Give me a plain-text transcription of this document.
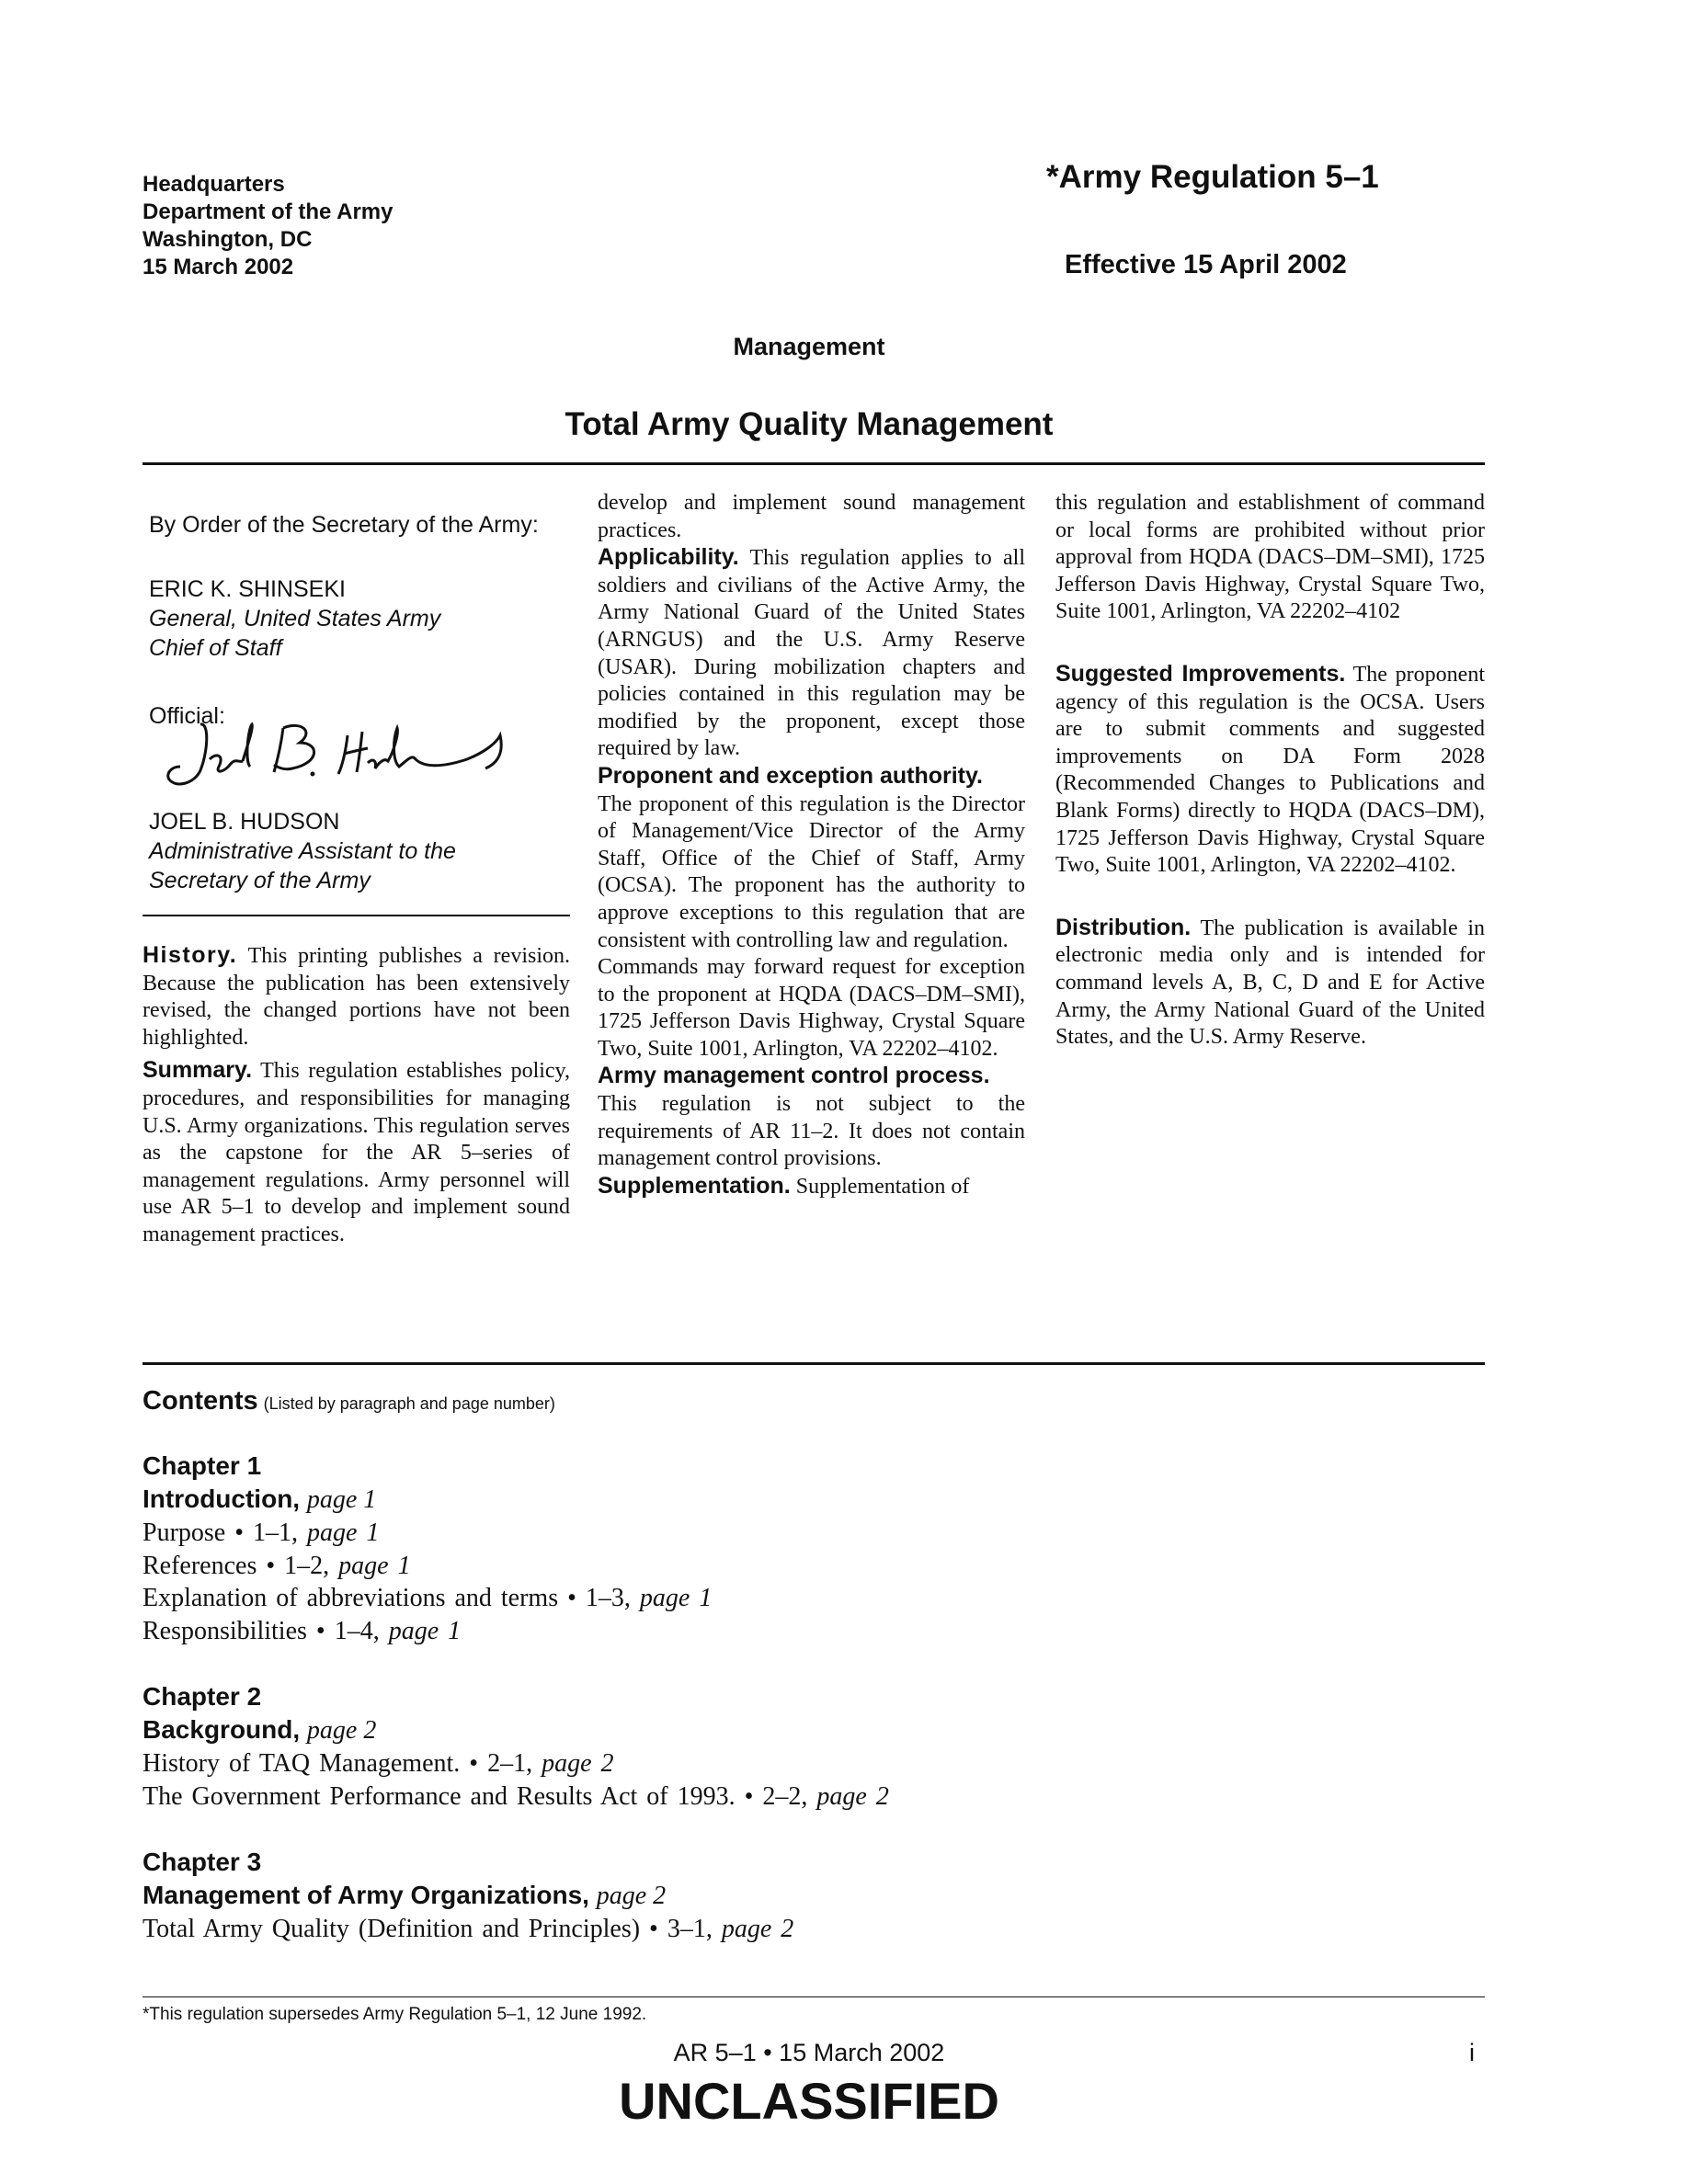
Headquarters
Department of the Army
Washington, DC
15 March 2002
*Army Regulation 5–1
Effective 15 April 2002
Management
Total Army Quality Management
By Order of the Secretary of the Army:
ERIC K. SHINSEKI
General, United States Army
Chief of Staff
Official:
JOEL B. HUDSON
Administrative Assistant to the
Secretary of the Army

History. This printing publishes a revision. Because the publication has been extensively revised, the changed portions have not been highlighted.

Summary. This regulation establishes policy, procedures, and responsibilities for managing U.S. Army organizations. This regulation serves as the capstone for the AR 5–series of management regulations. Army personnel will use AR 5–1 to develop and implement sound management practices.

develop and implement sound management practices.

Applicability. This regulation applies to all soldiers and civilians of the Active Army, the Army National Guard of the United States (ARNGUS) and the U.S. Army Reserve (USAR). During mobilization chapters and policies contained in this regulation may be modified by the proponent, except those required by law.

Proponent and exception authority.
The proponent of this regulation is the Director of Management/Vice Director of the Army Staff, Office of the Chief of Staff, Army (OCSA). The proponent has the authority to approve exceptions to this regulation that are consistent with controlling law and regulation.

Commands may forward request for exception to the proponent at HQDA (DACS–DM–SMI), 1725 Jefferson Davis Highway, Crystal Square Two, Suite 1001, Arlington, VA 22202–4102.

Army management control process.
This regulation is not subject to the requirements of AR 11–2. It does not contain management control provisions.

Supplementation. Supplementation of

this regulation and establishment of command or local forms are prohibited without prior approval from HQDA (DACS–DM–SMI), 1725 Jefferson Davis Highway, Crystal Square Two, Suite 1001, Arlington, VA 22202–4102

Suggested Improvements. The proponent agency of this regulation is the OCSA. Users are to submit comments and suggested improvements on DA Form 2028 (Recommended Changes to Publications and Blank Forms) directly to HQDA (DACS–DM), 1725 Jefferson Davis Highway, Crystal Square Two, Suite 1001, Arlington, VA 22202–4102.

Distribution. The publication is available in electronic media only and is intended for command levels A, B, C, D and E for Active Army, the Army National Guard of the United States, and the U.S. Army Reserve.

Contents (Listed by paragraph and page number)
Chapter 1
Introduction, page 1
Purpose • 1–1, page 1
References • 1–2, page 1
Explanation of abbreviations and terms • 1–3, page 1
Responsibilities • 1–4, page 1
Chapter 2
Background, page 2
History of TAQ Management. • 2–1, page 2
The Government Performance and Results Act of 1993. • 2–2, page 2
Chapter 3
Management of Army Organizations, page 2
Total Army Quality (Definition and Principles) • 3–1, page 2
*This regulation supersedes Army Regulation 5–1, 12 June 1992.
AR 5–1 • 15 March 2002	i
UNCLASSIFIED
